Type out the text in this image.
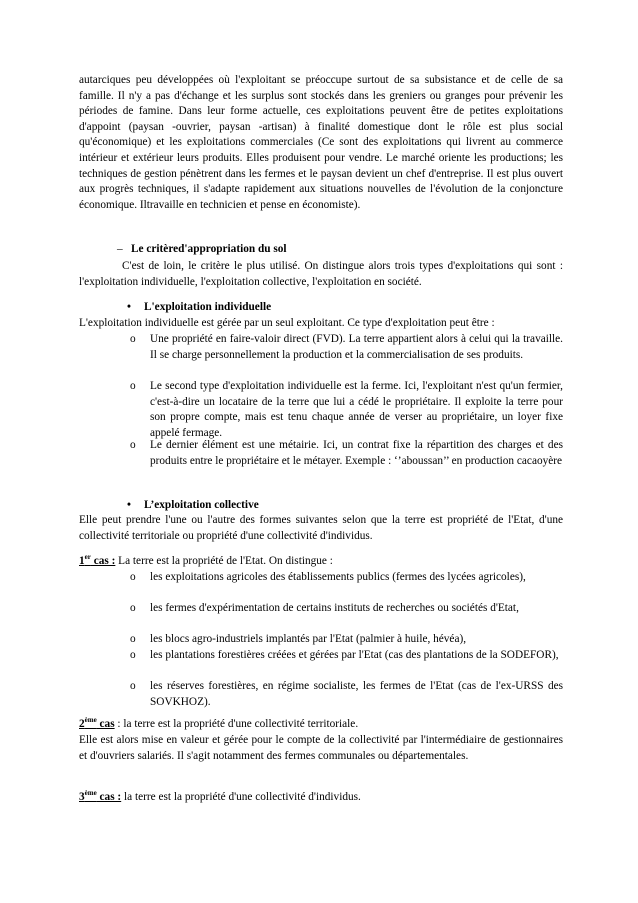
autarciques peu développées où l'exploitant se préoccupe surtout de sa subsistance et de celle de sa famille. Il n'y a pas d'échange et les surplus sont stockés dans les greniers ou granges pour prévenir les périodes de famine. Dans leur forme actuelle, ces exploitations peuvent être de petites exploitations d'appoint (paysan -ouvrier, paysan -artisan) à finalité domestique dont le rôle est plus social qu'économique) et les exploitations commerciales (Ce sont des exploitations qui livrent au commerce intérieur et extérieur leurs produits. Elles produisent pour vendre. Le marché oriente les productions; les techniques de gestion pénètrent dans les fermes et le paysan devient un chef d'entreprise. Il est plus ouvert aux progrès techniques, il s'adapte rapidement aux situations nouvelles de l'évolution de la conjoncture économique. Iltravaille en technicien et pense en économiste).

– Le critèred'appropriation du sol

C'est de loin, le critère le plus utilisé. On distingue alors trois types d'exploitations qui sont : l'exploitation individuelle, l'exploitation collective, l'exploitation en société.

• L'exploitation individuelle

L'exploitation individuelle est gérée par un seul exploitant. Ce type d'exploitation peut être :

o	Une propriété en faire-valoir direct (FVD). La terre appartient alors à celui qui la travaille. Il se charge personnellement la production et la commercialisation de ses produits.

o	Le second type d'exploitation individuelle est la ferme. Ici, l'exploitant n'est qu'un fermier, c'est-à-dire un locataire de la terre que lui a cédé le propriétaire. Il exploite la terre pour son propre compte, mais est tenu chaque année de verser au propriétaire, un loyer fixe appelé fermage.

o	Le dernier élément est une métairie. Ici, un contrat fixe la répartition des charges et des produits entre le propriétaire et le métayer. Exemple : ‘’aboussan’’ en production cacaoyère

• L’exploitation collective

Elle peut prendre l'une ou l'autre des formes suivantes selon que la terre est propriété de l'Etat, d'une collectivité territoriale ou propriété d'une collectivité d'individus.

1er cas : La terre est la propriété de l'Etat. On distingue :
o	les exploitations agricoles des établissements publics (fermes des lycées agricoles),

o	les fermes d'expérimentation de certains instituts de recherches ou sociétés d'Etat,

o	les blocs agro-industriels implantés par l'Etat (palmier à huile, hévéa),

o	les plantations forestières créées et gérées par l'Etat (cas des plantations de la SODEFOR),

o	les réserves forestières, en régime socialiste, les fermes de l'Etat (cas de l'ex-URSS des SOVKHOZ).

2ème cas : la terre est la propriété d'une collectivité territoriale.

Elle est alors mise en valeur et gérée pour le compte de la collectivité par l'intermédiaire de gestionnaires et d'ouvriers salariés. Il s'agit notamment des fermes communales ou départementales.

3ème cas : la terre est la propriété d'une collectivité d'individus.
